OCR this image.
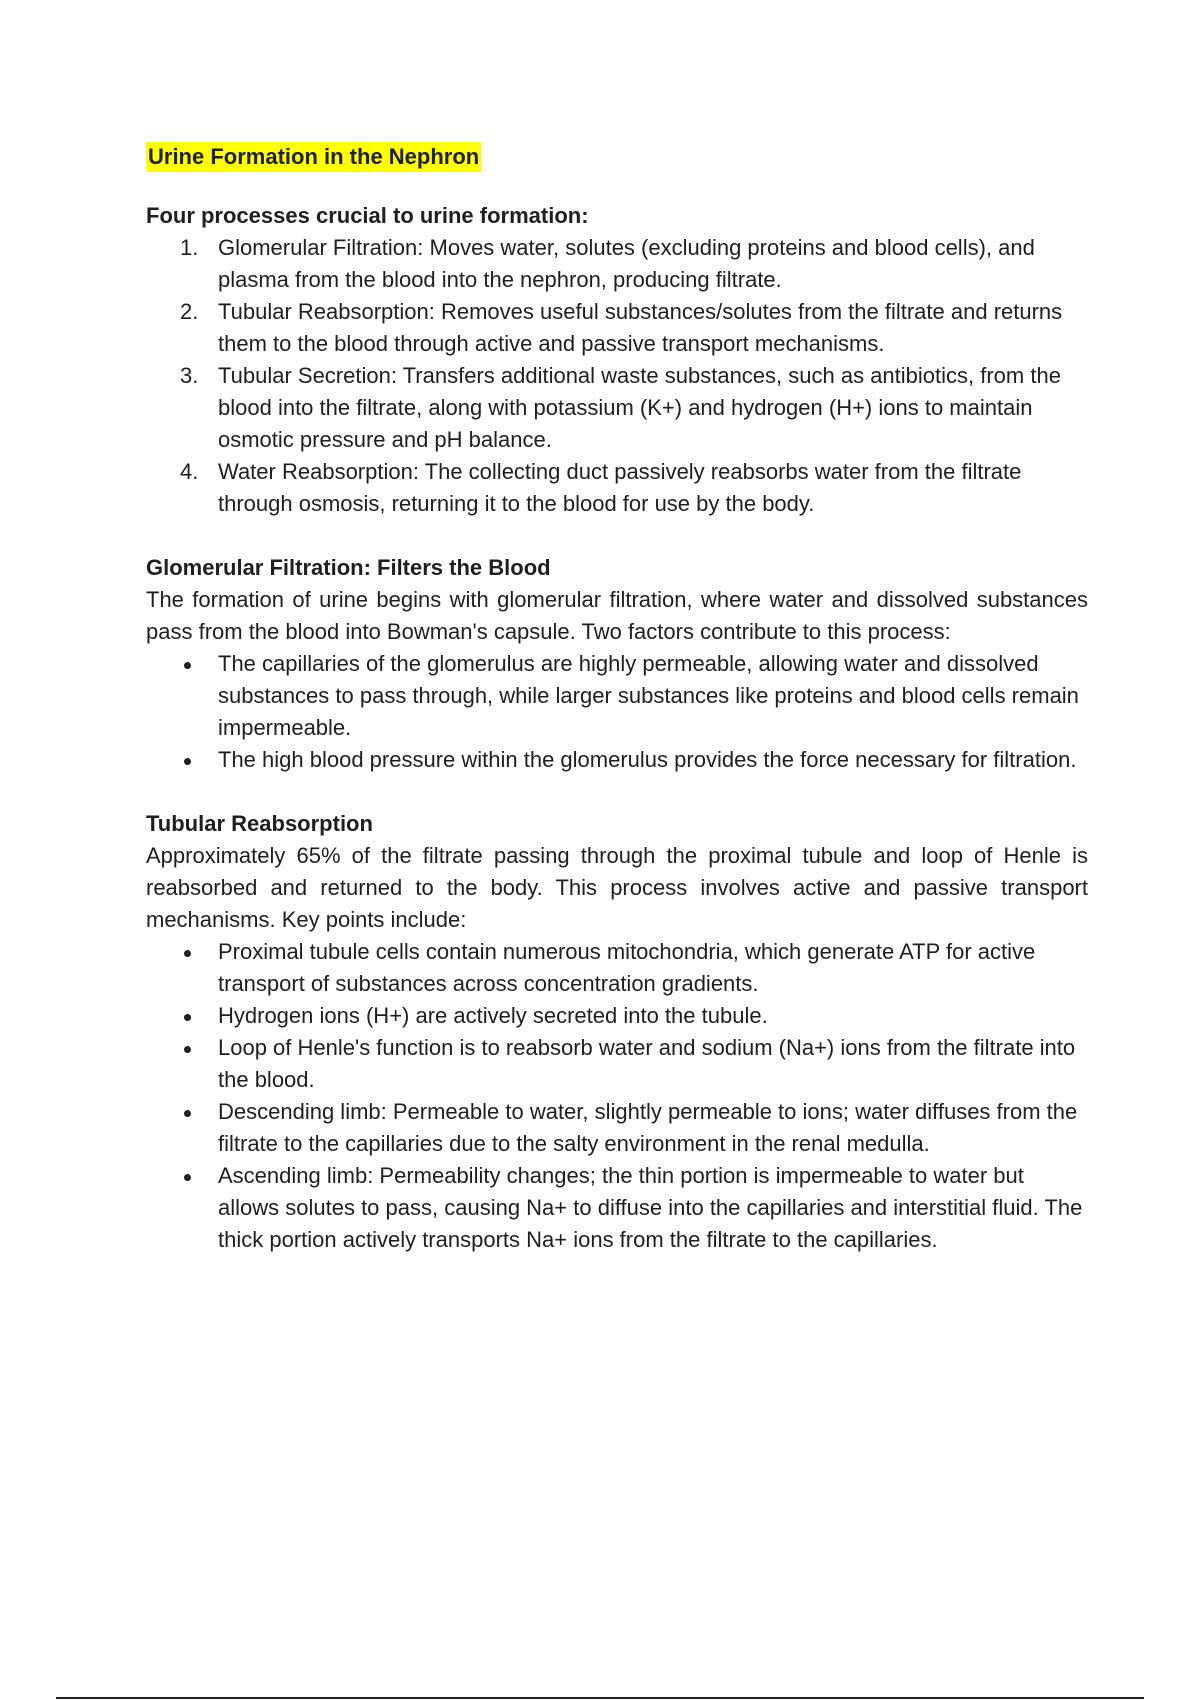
Urine Formation in the Nephron

Four processes crucial to urine formation:

1. Glomerular Filtration: Moves water, solutes (excluding proteins and blood cells), and plasma from the blood into the nephron, producing filtrate.
2. Tubular Reabsorption: Removes useful substances/solutes from the filtrate and returns them to the blood through active and passive transport mechanisms.
3. Tubular Secretion: Transfers additional waste substances, such as antibiotics, from the blood into the filtrate, along with potassium (K+) and hydrogen (H+) ions to maintain osmotic pressure and pH balance.
4. Water Reabsorption: The collecting duct passively reabsorbs water from the filtrate through osmosis, returning it to the blood for use by the body.

Glomerular Filtration: Filters the Blood

The formation of urine begins with glomerular filtration, where water and dissolved substances pass from the blood into Bowman's capsule. Two factors contribute to this process:

The capillaries of the glomerulus are highly permeable, allowing water and dissolved substances to pass through, while larger substances like proteins and blood cells remain impermeable.
The high blood pressure within the glomerulus provides the force necessary for filtration.

Tubular Reabsorption

Approximately 65% of the filtrate passing through the proximal tubule and loop of Henle is reabsorbed and returned to the body. This process involves active and passive transport mechanisms. Key points include:

Proximal tubule cells contain numerous mitochondria, which generate ATP for active transport of substances across concentration gradients.
Hydrogen ions (H+) are actively secreted into the tubule.
Loop of Henle's function is to reabsorb water and sodium (Na+) ions from the filtrate into the blood.
Descending limb: Permeable to water, slightly permeable to ions; water diffuses from the filtrate to the capillaries due to the salty environment in the renal medulla.
Ascending limb: Permeability changes; the thin portion is impermeable to water but allows solutes to pass, causing Na+ to diffuse into the capillaries and interstitial fluid. The thick portion actively transports Na+ ions from the filtrate to the capillaries.
